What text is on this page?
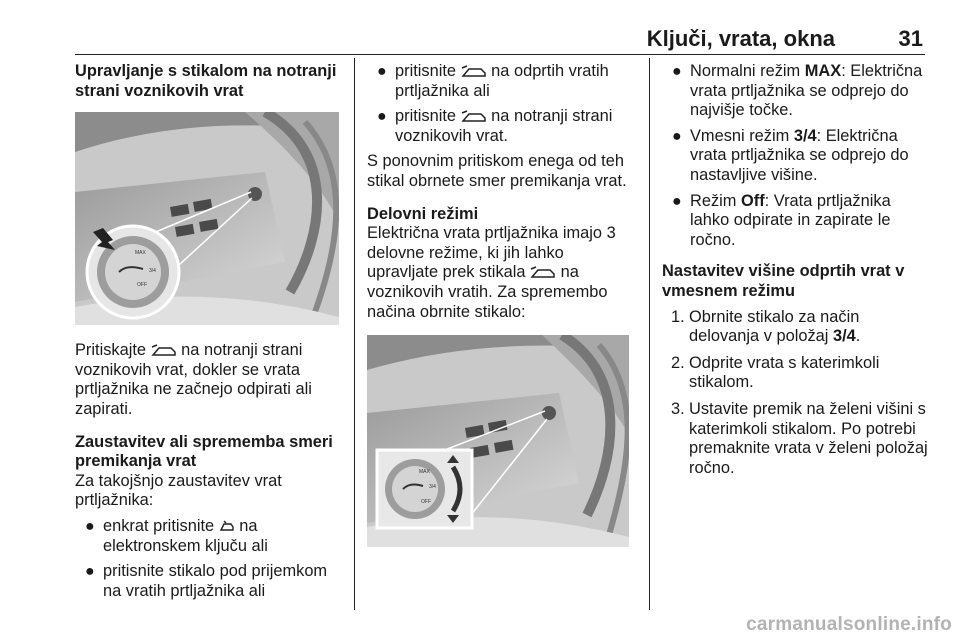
Ključi, vrata, okna	31

Upravljanje s stikalom na notranji strani voznikovih vrat

MAX
3/4
OFF

Pritiskajte na notranji strani voznikovih vrat, dokler se vrata prtljažnika ne začnejo odpirati ali zapirati.

Zaustavitev ali sprememba smeri premikanja vrat

Za takojšnjo zaustavitev vrat prtljažnika:

● enkrat pritisnite na elektronskem ključu ali
● pritisnite stikalo pod prijemkom na vratih prtljažnika ali
● pritisnite na odprtih vratih prtljažnika ali
● pritisnite na notranji strani voznikovih vrat.

S ponovnim pritiskom enega od teh stikal obrnete smer premikanja vrat.

Delovni režimi

Električna vrata prtljažnika imajo 3 delovne režime, ki jih lahko upravljate prek stikala na voznikovih vratih. Za spremembo načina obrnite stikalo:

MAX
3/4
OFF
● Normalni režim MAX: Električna vrata prtljažnika se odprejo do najvišje točke.
● Vmesni režim 3/4: Električna vrata prtljažnika se odprejo do nastavljive višine.
● Režim Off: Vrata prtljažnika lahko odpirate in zapirate le ročno.

Nastavitev višine odprtih vrat v vmesnem režimu

1. Obrnite stikalo za način delovanja v položaj 3/4.
2. Odprite vrata s katerimkoli stikalom.
3. Ustavite premik na želeni višini s katerimkoli stikalom. Po potrebi premaknite vrata v želeni položaj ročno.
carmanualsonline.info
